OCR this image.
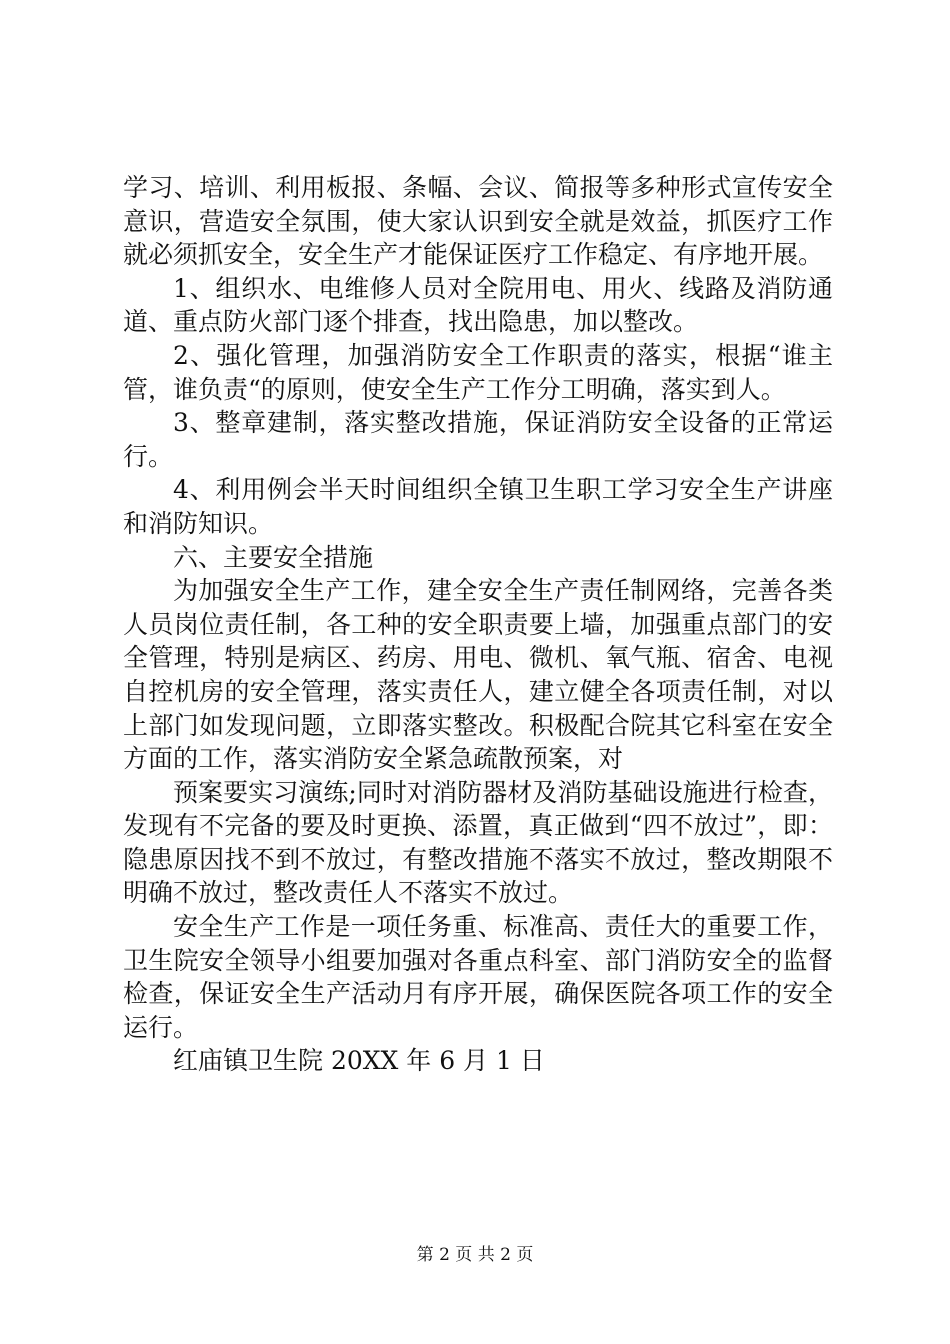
学习、培训、利用板报、条幅、会议、简报等多种形式宣传安全意识，营造安全氛围，使大家认识到安全就是效益，抓医疗工作就必须抓安全，安全生产才能保证医疗工作稳定、有序地开展。

1、组织水、电维修人员对全院用电、用火、线路及消防通道、重点防火部门逐个排查，找出隐患，加以整改。

2、强化管理，加强消防安全工作职责的落实，根据“谁主管，谁负责“的原则，使安全生产工作分工明确，落实到人。

3、整章建制，落实整改措施，保证消防安全设备的正常运行。

4、利用例会半天时间组织全镇卫生职工学习安全生产讲座和消防知识。

六、主要安全措施

为加强安全生产工作，建全安全生产责任制网络，完善各类人员岗位责任制，各工种的安全职责要上墙，加强重点部门的安全管理，特别是病区、药房、用电、微机、氧气瓶、宿舍、电视自控机房的安全管理，落实责任人，建立健全各项责任制，对以上部门如发现问题，立即落实整改。积极配合院其它科室在安全方面的工作，落实消防安全紧急疏散预案，对

预案要实习演练;同时对消防器材及消防基础设施进行检查，发现有不完备的要及时更换、添置，真正做到“四不放过”，即：隐患原因找不到不放过，有整改措施不落实不放过，整改期限不明确不放过，整改责任人不落实不放过。

安全生产工作是一项任务重、标准高、责任大的重要工作，卫生院安全领导小组要加强对各重点科室、部门消防安全的监督检查，保证安全生产活动月有序开展，确保医院各项工作的安全运行。

红庙镇卫生院 20XX 年 6 月 1 日

第 2 页 共 2 页
